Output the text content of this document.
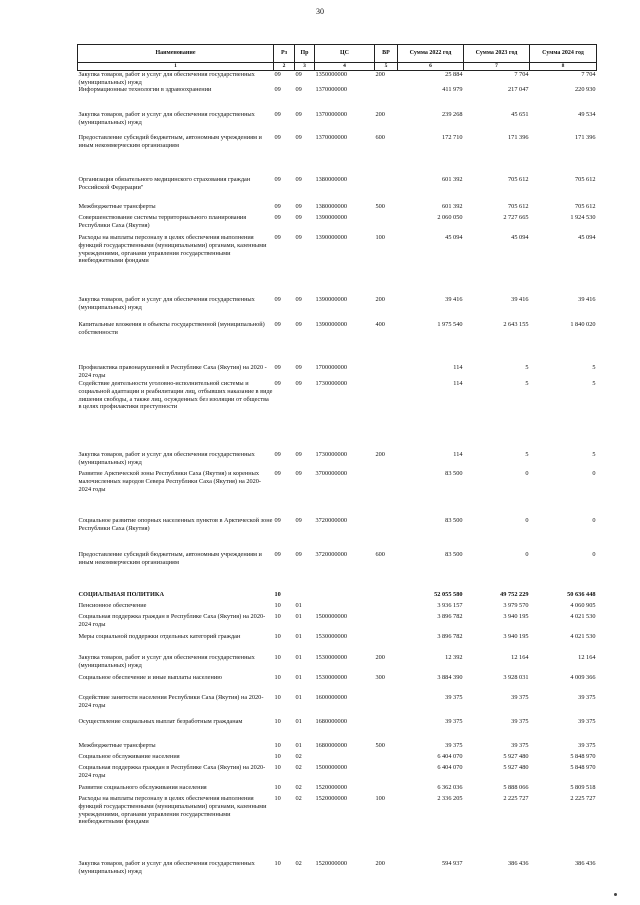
30
Наименование	Рз	Пр	ЦС	ВР	Сумма 2022 год	Сумма 2023 год	Сумма 2024 год
1	2	3	4	5	6	7	8
Закупка товаров, работ и услуг для обеспечения государственных (муниципальных) нужд	09	09	1350000000	200	25 884	7 704	7 704
Информационные технологии в здравоохранении	09	09	1370000000		411 979	217 047	220 930
Закупка товаров, работ и услуг для обеспечения государственных (муниципальных) нужд	09	09	1370000000	200	239 268	45 651	49 534
Предоставление субсидий бюджетным, автономным учреждениям и иным некоммерческим организациям	09	09	1370000000	600	172 710	171 396	171 396
Организация обязательного медицинского страхования граждан Российской Федерации"	09	09	1380000000		601 392	705 612	705 612
Межбюджетные трансферты	09	09	1380000000	500	601 392	705 612	705 612
Совершенствование системы территориального планирования Республики Саха (Якутия)	09	09	1390000000		2 060 050	2 727 665	1 924 530
Расходы на выплаты персоналу в целях обеспечения выполнения функций государственными (муниципальными) органами, казенными учреждениями, органами управления государственными внебюджетными фондами	09	09	1390000000	100	45 094	45 094	45 094
Закупка товаров, работ и услуг для обеспечения государственных (муниципальных) нужд	09	09	1390000000	200	39 416	39 416	39 416
Капитальные вложения в объекты государственной (муниципальной) собственности	09	09	1390000000	400	1 975 540	2 643 155	1 840 020
Профилактика правонарушений в Республике Саха (Якутия) на 2020 - 2024 годы	09	09	1700000000		114	5	5
Содействие деятельности уголовно-исполнительной системы и социальной адаптации и реабилитации лиц, отбывших наказание в виде лишения свободы, а также лиц, осужденных без изоляции от общества в целях профилактики преступности	09	09	1730000000		114	5	5
Закупка товаров, работ и услуг для обеспечения государственных (муниципальных) нужд	09	09	1730000000	200	114	5	5
Развитие Арктической зоны Республики Саха (Якутия) и коренных малочисленных народов Севера Республики Саха (Якутия) на 2020-2024 годы	09	09	3700000000		83 500	0	0
Социальное развитие опорных населенных пунктов в Арктической зоне Республики Саха (Якутия)	09	09	3720000000		83 500	0	0
Предоставление субсидий бюджетным, автономным учреждениям и иным некоммерческим организациям	09	09	3720000000	600	83 500	0	0
СОЦИАЛЬНАЯ ПОЛИТИКА	10				52 055 580	49 752 229	50 636 448
Пенсионное обеспечение	10	01			3 936 157	3 979 570	4 060 905
Социальная поддержка граждан в Республике Саха (Якутия) на 2020-2024 годы	10	01	1500000000		3 896 782	3 940 195	4 021 530
Меры социальной поддержки отдельных категорий граждан	10	01	1530000000		3 896 782	3 940 195	4 021 530
Закупка товаров, работ и услуг для обеспечения государственных (муниципальных) нужд	10	01	1530000000	200	12 392	12 164	12 164
Социальное обеспечение и иные выплаты населению	10	01	1530000000	300	3 884 390	3 928 031	4 009 366
Содействие занятости населения Республики Саха (Якутия) на 2020-2024 годы	10	01	1600000000		39 375	39 375	39 375
Осуществление социальных выплат безработным гражданам	10	01	1680000000		39 375	39 375	39 375
Межбюджетные трансферты	10	01	1680000000	500	39 375	39 375	39 375
Социальное обслуживание населения	10	02			6 404 070	5 927 480	5 848 970
Социальная поддержка граждан в Республике Саха (Якутия) на 2020-2024 годы	10	02	1500000000		6 404 070	5 927 480	5 848 970
Развитие социального обслуживания населения	10	02	1520000000		6 362 036	5 888 066	5 809 518
Расходы на выплаты персоналу в целях обеспечения выполнения функций государственными (муниципальными) органами, казенными учреждениями, органами управления государственными внебюджетными фондами	10	02	1520000000	100	2 336 205	2 225 727	2 225 727
Закупка товаров, работ и услуг для обеспечения государственных (муниципальных) нужд	10	02	1520000000	200	594 937	386 436	386 436
